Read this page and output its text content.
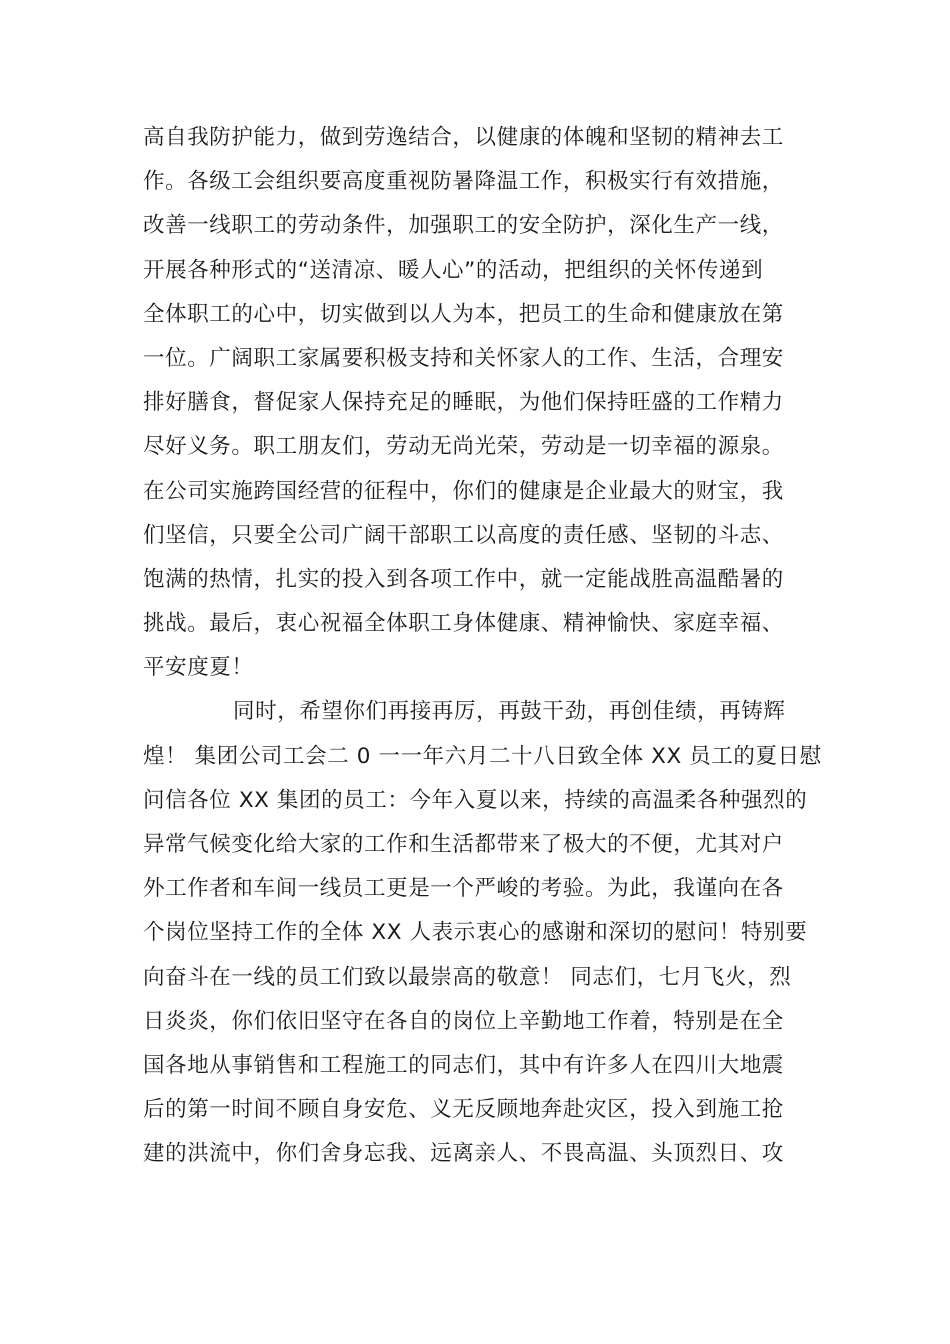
高自我防护能力，做到劳逸结合，以健康的体魄和坚韧的精神去工
作。各级工会组织要高度重视防暑降温工作，积极实行有效措施，
改善一线职工的劳动条件，加强职工的安全防护，深化生产一线，
开展各种形式的“送清凉、暖人心”的活动，把组织的关怀传递到
全体职工的心中，切实做到以人为本，把员工的生命和健康放在第
一位。广阔职工家属要积极支持和关怀家人的工作、生活，合理安
排好膳食，督促家人保持充足的睡眠，为他们保持旺盛的工作精力
尽好义务。职工朋友们，劳动无尚光荣，劳动是一切幸福的源泉。
在公司实施跨国经营的征程中，你们的健康是企业最大的财宝，我
们坚信，只要全公司广阔干部职工以高度的责任感、坚韧的斗志、
饱满的热情，扎实的投入到各项工作中，就一定能战胜高温酷暑的
挑战。最后，衷心祝福全体职工身体健康、精神愉快、家庭幸福、
平安度夏！
同时，希望你们再接再厉，再鼓干劲，再创佳绩，再铸辉
煌！ 集团公司工会二 0 一一年六月二十八日致全体 XX 员工的夏日慰
问信各位 XX 集团的员工：今年入夏以来，持续的高温柔各种强烈的
异常气候变化给大家的工作和生活都带来了极大的不便，尤其对户
外工作者和车间一线员工更是一个严峻的考验。为此，我谨向在各
个岗位坚持工作的全体 XX 人表示衷心的感谢和深切的慰问！特别要
向奋斗在一线的员工们致以最崇高的敬意！ 同志们，七月飞火，烈
日炎炎，你们依旧坚守在各自的岗位上辛勤地工作着，特别是在全
国各地从事销售和工程施工的同志们，其中有许多人在四川大地震
后的第一时间不顾自身安危、义无反顾地奔赴灾区，投入到施工抢
建的洪流中，你们舍身忘我、远离亲人、不畏高温、头顶烈日、攻
